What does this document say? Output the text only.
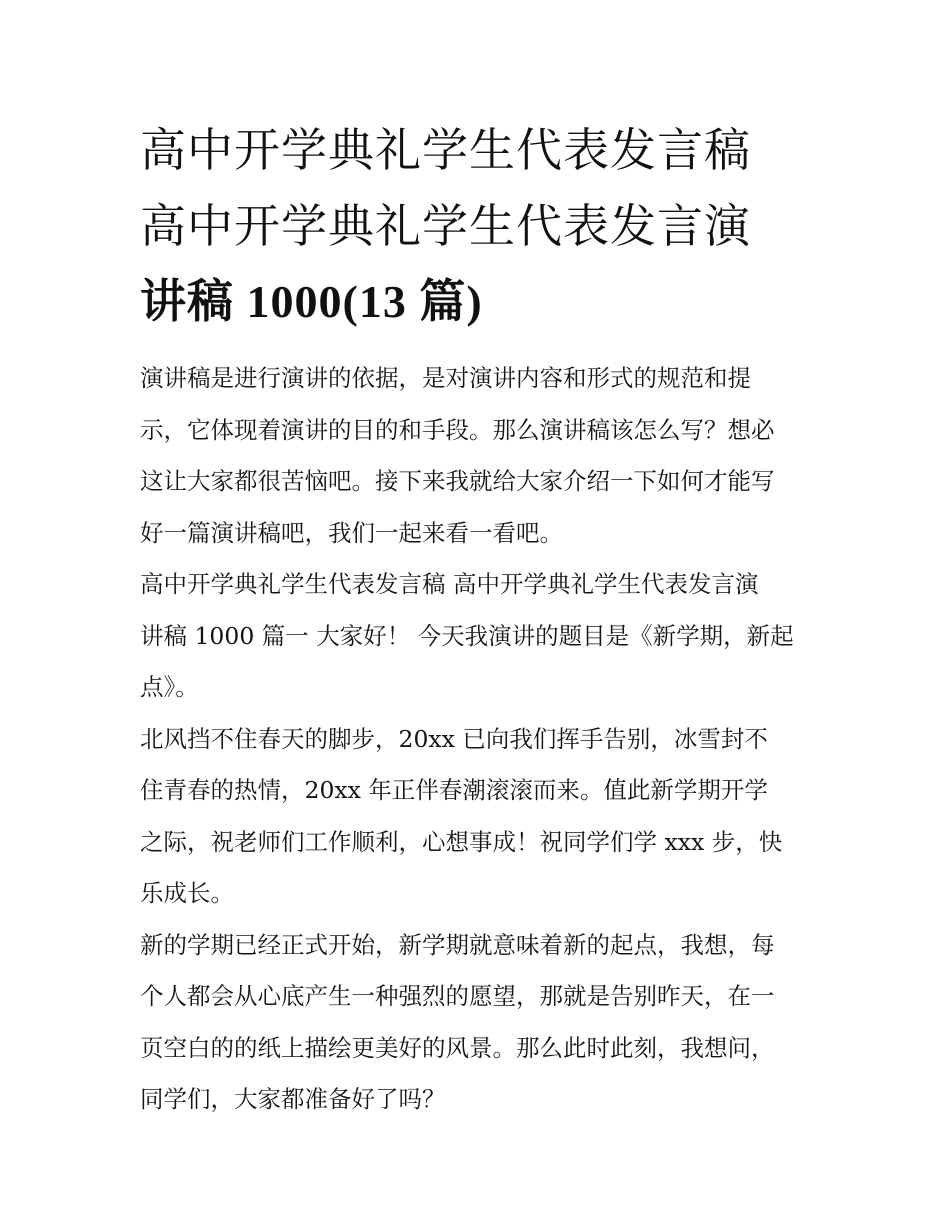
高中开学典礼学生代表发言稿
高中开学典礼学生代表发言演
讲稿 1000(13 篇)
演讲稿是进行演讲的依据，是对演讲内容和形式的规范和提
示，它体现着演讲的目的和手段。那么演讲稿该怎么写？想必
这让大家都很苦恼吧。接下来我就给大家介绍一下如何才能写
好一篇演讲稿吧，我们一起来看一看吧。
高中开学典礼学生代表发言稿 高中开学典礼学生代表发言演
讲稿 1000 篇一 大家好！ 今天我演讲的题目是《新学期，新起
点》。
北风挡不住春天的脚步，20xx 已向我们挥手告别，冰雪封不
住青春的热情，20xx 年正伴春潮滚滚而来。值此新学期开学
之际，祝老师们工作顺利，心想事成！祝同学们学 xxx 步，快
乐成长。
新的学期已经正式开始，新学期就意味着新的起点，我想，每
个人都会从心底产生一种强烈的愿望，那就是告别昨天，在一
页空白的的纸上描绘更美好的风景。那么此时此刻，我想问，
同学们，大家都准备好了吗？
